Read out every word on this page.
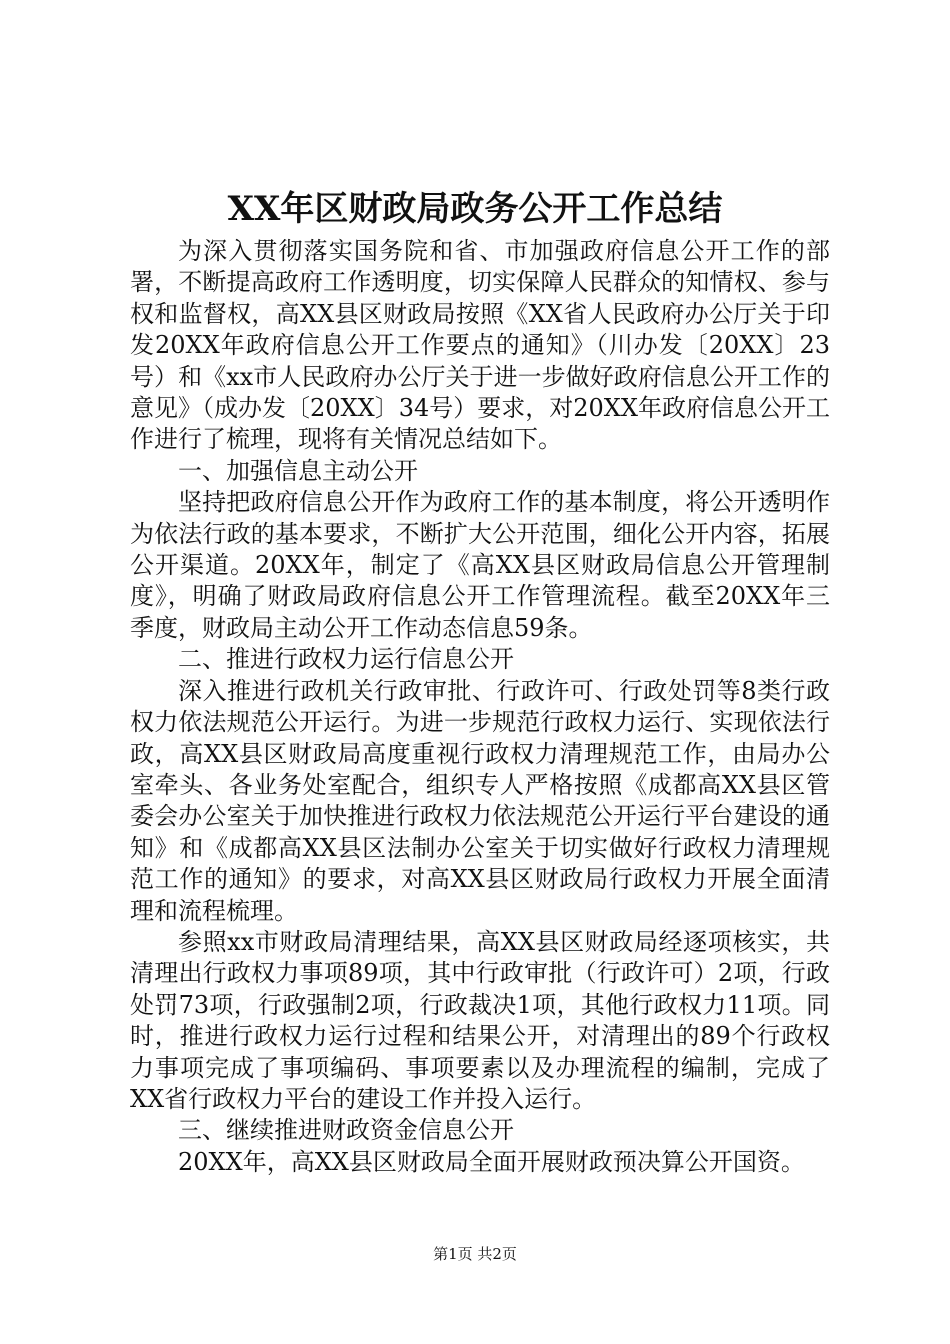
XX年区财政局政务公开工作总结

为深入贯彻落实国务院和省、市加强政府信息公开工作的部署，不断提高政府工作透明度，切实保障人民群众的知情权、参与权和监督权，高XX县区财政局按照《XX省人民政府办公厅关于印发20XX年政府信息公开工作要点的通知》（川办发〔20XX〕23号）和《xx市人民政府办公厅关于进一步做好政府信息公开工作的意见》（成办发〔20XX〕34号）要求，对20XX年政府信息公开工作进行了梳理，现将有关情况总结如下。

一、加强信息主动公开

坚持把政府信息公开作为政府工作的基本制度，将公开透明作为依法行政的基本要求，不断扩大公开范围，细化公开内容，拓展公开渠道。20XX年，制定了《高XX县区财政局信息公开管理制度》，明确了财政局政府信息公开工作管理流程。截至20XX年三季度，财政局主动公开工作动态信息59条。

二、推进行政权力运行信息公开

深入推进行政机关行政审批、行政许可、行政处罚等8类行政权力依法规范公开运行。为进一步规范行政权力运行、实现依法行政，高XX县区财政局高度重视行政权力清理规范工作，由局办公室牵头、各业务处室配合，组织专人严格按照《成都高XX县区管委会办公室关于加快推进行政权力依法规范公开运行平台建设的通知》和《成都高XX县区法制办公室关于切实做好行政权力清理规范工作的通知》的要求，对高XX县区财政局行政权力开展全面清理和流程梳理。

参照xx市财政局清理结果，高XX县区财政局经逐项核实，共清理出行政权力事项89项，其中行政审批（行政许可）2项，行政处罚73项，行政强制2项，行政裁决1项，其他行政权力11项。同时，推进行政权力运行过程和结果公开，对清理出的89个行政权力事项完成了事项编码、事项要素以及办理流程的编制，完成了XX省行政权力平台的建设工作并投入运行。

三、继续推进财政资金信息公开

20XX年，高XX县区财政局全面开展财政预决算公开国资。

第1页 共2页
